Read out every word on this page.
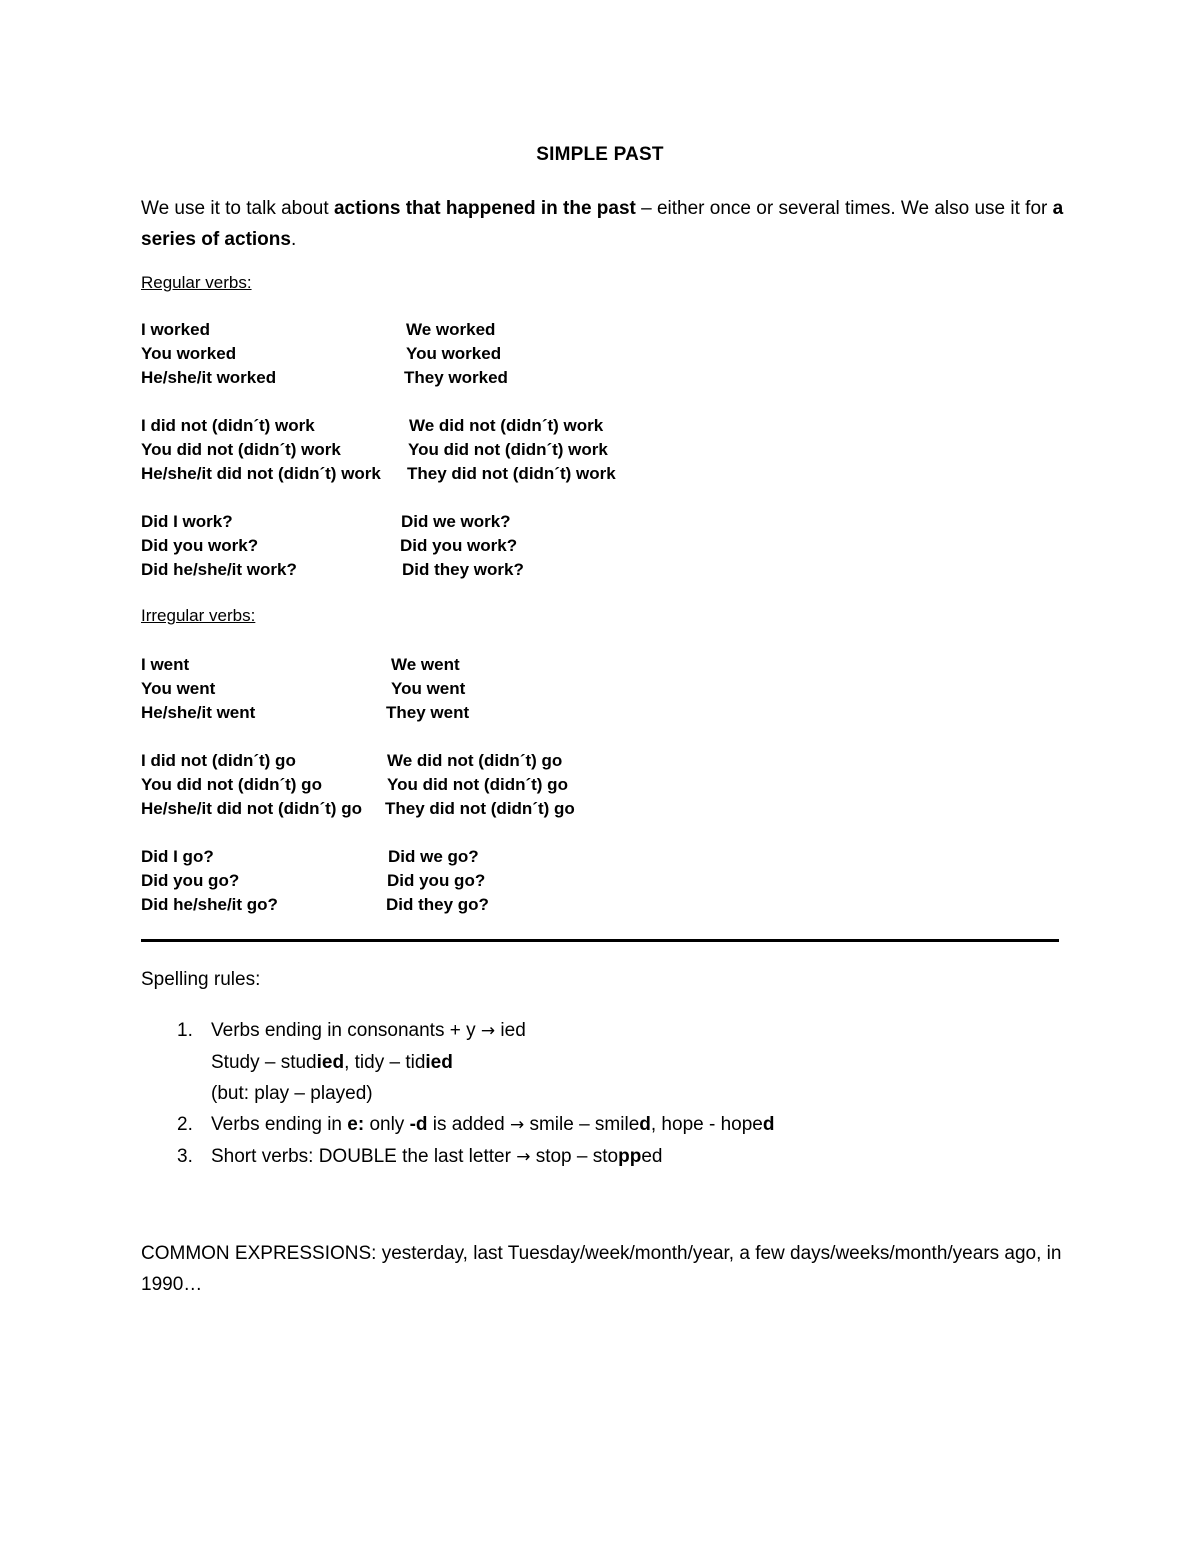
SIMPLE PAST
We use it to talk about actions that happened in the past – either once or several times. We also use it for a series of actions.
Regular verbs:
I worked	We worked
You worked	You worked
He/she/it worked	They worked
I did not (didn´t) work	We did not (didn´t) work
You did not (didn´t) work	You did not (didn´t) work
He/she/it did not (didn´t) work	They did not (didn´t) work
Did I work?	Did we work?
Did you work?	Did you work?
Did he/she/it work?	Did they work?
Irregular verbs:
I went	We went
You went	You went
He/she/it went	They went
I did not (didn´t) go	We did not (didn´t) go
You did not (didn´t) go	You did not (didn´t) go
He/she/it did not (didn´t) go	They did not (didn´t) go
Did I go?	Did we go?
Did you go?	Did you go?
Did he/she/it go?	Did they go?
Spelling rules:
1. Verbs ending in consonants + y → ied
Study – studied, tidy – tidied
(but: play – played)
2. Verbs ending in e: only -d is added → smile – smiled, hope - hoped
3. Short verbs: DOUBLE the last letter → stop – stopped
COMMON EXPRESSIONS: yesterday, last Tuesday/week/month/year, a few days/weeks/month/years ago, in 1990…
